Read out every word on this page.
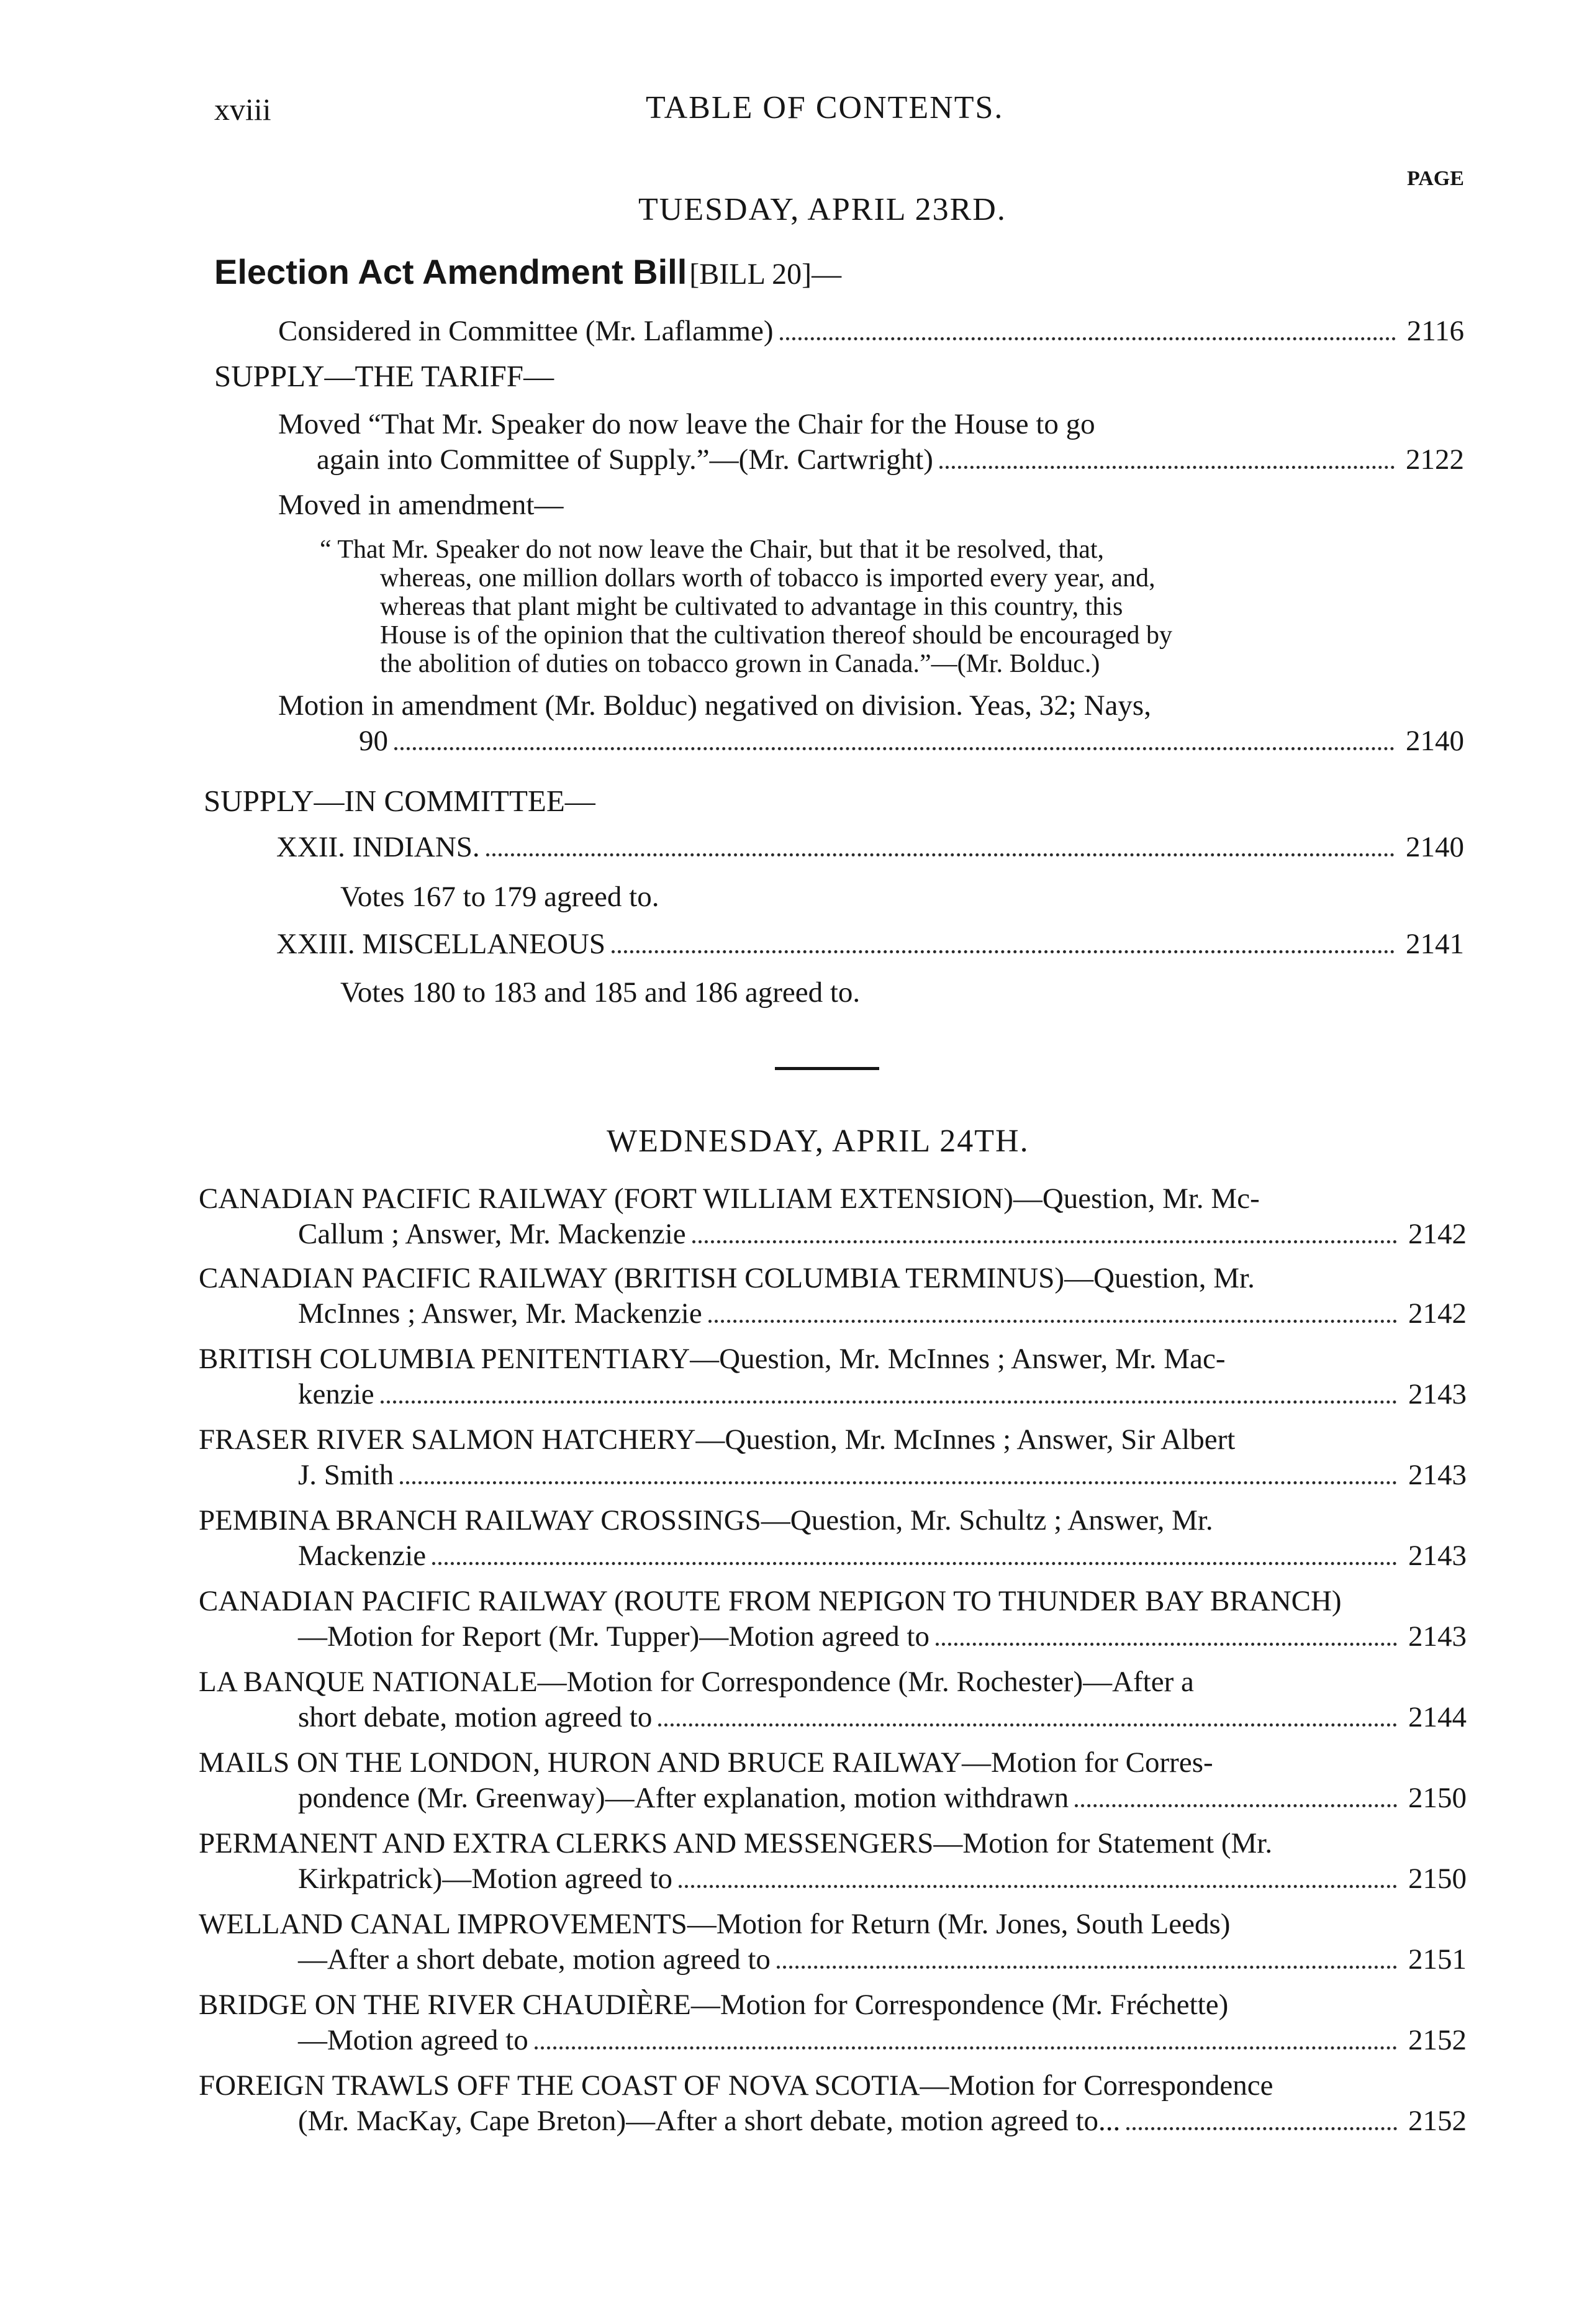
xviii	TABLE OF CONTENTS.
PAGE
TUESDAY, APRIL 23RD.
Election Act Amendment Bill [BILL 20]—
Considered in Committee (Mr. Laflamme)	2116
SUPPLY—THE TARIFF—
Moved “That Mr. Speaker do now leave the Chair for the House to go
again into Committee of Supply.”—(Mr. Cartwright)	2122
Moved in amendment—
“ That Mr. Speaker do not now leave the Chair, but that it be resolved, that,
whereas, one million dollars worth of tobacco is imported every year, and,
whereas that plant might be cultivated to advantage in this country, this
House is of the opinion that the cultivation thereof should be encouraged by
the abolition of duties on tobacco grown in Canada.”—(Mr. Bolduc.)
Motion in amendment (Mr. Bolduc) negatived on division. Yeas, 32; Nays,
90	2140
SUPPLY—IN COMMITTEE—
XXII. INDIANS.	2140
Votes 167 to 179 agreed to.
XXIII. MISCELLANEOUS	2141
Votes 180 to 183 and 185 and 186 agreed to.
WEDNESDAY, APRIL 24TH.
CANADIAN PACIFIC RAILWAY (FORT WILLIAM EXTENSION)—Question, Mr. Mc-
Callum ; Answer, Mr. Mackenzie	2142
CANADIAN PACIFIC RAILWAY (BRITISH COLUMBIA TERMINUS)—Question, Mr.
McInnes ; Answer, Mr. Mackenzie	2142
BRITISH COLUMBIA PENITENTIARY—Question, Mr. McInnes ; Answer, Mr. Mac-
kenzie	2143
FRASER RIVER SALMON HATCHERY—Question, Mr. McInnes ; Answer, Sir Albert
J. Smith	2143
PEMBINA BRANCH RAILWAY CROSSINGS—Question, Mr. Schultz ; Answer, Mr.
Mackenzie	2143
CANADIAN PACIFIC RAILWAY (ROUTE FROM NEPIGON TO THUNDER BAY BRANCH)
—Motion for Report (Mr. Tupper)—Motion agreed to	2143
LA BANQUE NATIONALE—Motion for Correspondence (Mr. Rochester)—After a
short debate, motion agreed to	2144
MAILS ON THE LONDON, HURON AND BRUCE RAILWAY—Motion for Corres-
pondence (Mr. Greenway)—After explanation, motion withdrawn	2150
PERMANENT AND EXTRA CLERKS AND MESSENGERS—Motion for Statement (Mr.
Kirkpatrick)—Motion agreed to	2150
WELLAND CANAL IMPROVEMENTS—Motion for Return (Mr. Jones, South Leeds)
—After a short debate, motion agreed to	2151
BRIDGE ON THE RIVER CHAUDIÈRE—Motion for Correspondence (Mr. Fréchette)
—Motion agreed to	2152
FOREIGN TRAWLS OFF THE COAST OF NOVA SCOTIA—Motion for Correspondence
(Mr. MacKay, Cape Breton)—After a short debate, motion agreed to...	2152
